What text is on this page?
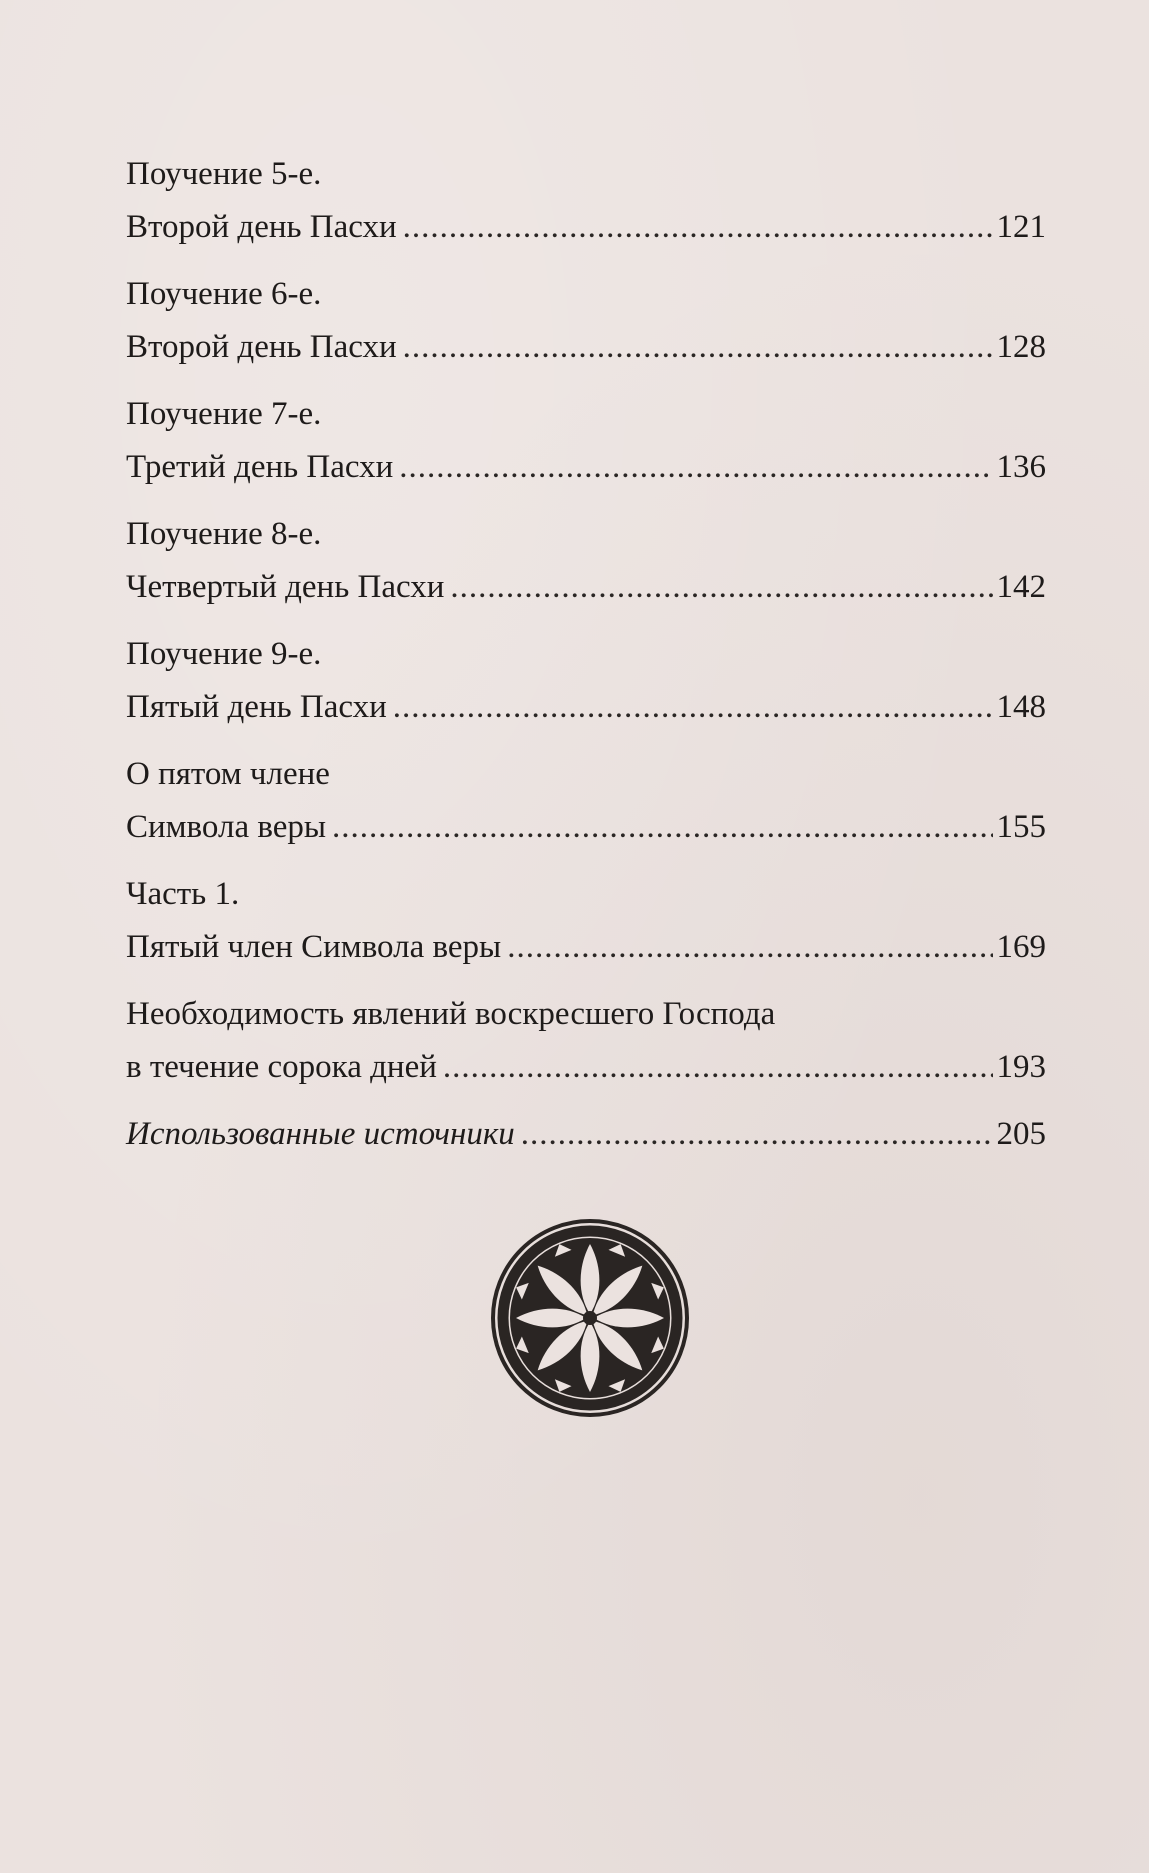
Поучение 5-е.
Второй день Пасхи .....	121
Поучение 6-е.
Второй день Пасхи .....	128
Поучение 7-е.
Третий день Пасхи .....	136
Поучение 8-е.
Четвертый день Пасхи .....	142
Поучение 9-е.
Пятый день Пасхи .....	148
О пятом члене
Символа веры .....	155
Часть 1.
Пятый член Символа веры .....	169
Необходимость явлений воскресшего Господа
в течение сорока дней .....	193
Использованные источники .....	205
